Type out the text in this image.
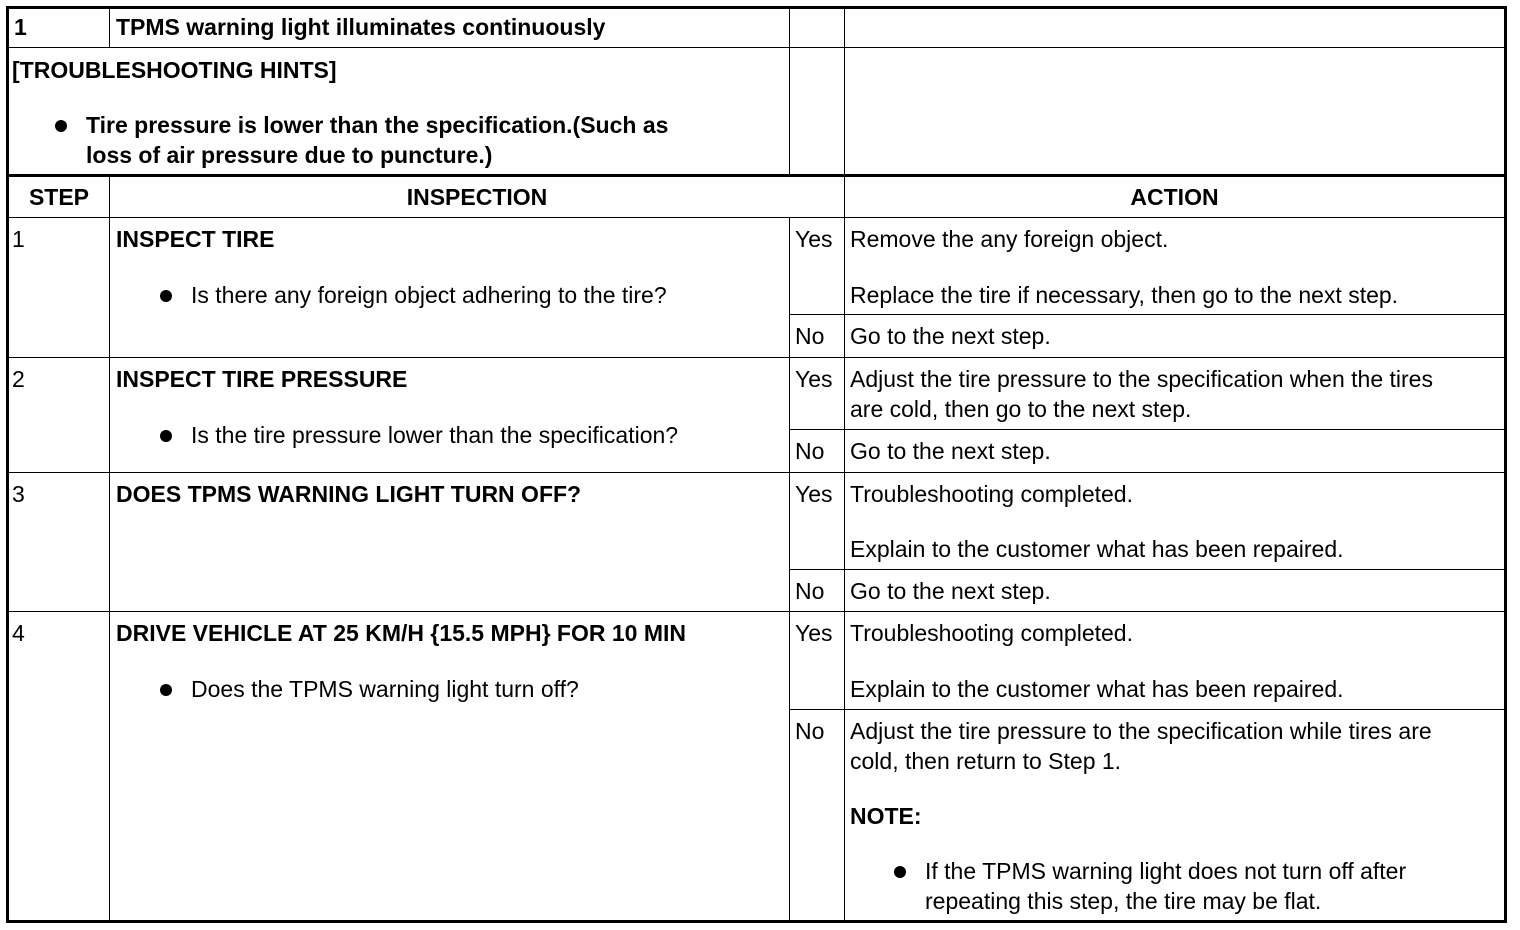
1	TPMS warning light illuminates continuously
[TROUBLESHOOTING HINTS]
Tire pressure is lower than the specification.(Such as
loss of air pressure due to puncture.)
STEP	INSPECTION	ACTION
1	INSPECT TIRE
Is there any foreign object adhering to the tire?
Yes Remove the any foreign object.
Replace the tire if necessary, then go to the next step.
No Go to the next step.
2	INSPECT TIRE PRESSURE
Is the tire pressure lower than the specification?
Yes Adjust the tire pressure to the specification when the tires
are cold, then go to the next step.
No Go to the next step.
3	DOES TPMS WARNING LIGHT TURN OFF?	Yes Troubleshooting completed.
Explain to the customer what has been repaired.
No Go to the next step.
4	DRIVE VEHICLE AT 25 KM/H {15.5 MPH} FOR 10 MIN
Does the TPMS warning light turn off?
Yes Troubleshooting completed.
Explain to the customer what has been repaired.
No Adjust the tire pressure to the specification while tires are
cold, then return to Step 1.
NOTE:
If the TPMS warning light does not turn off after
repeating this step, the tire may be flat.
